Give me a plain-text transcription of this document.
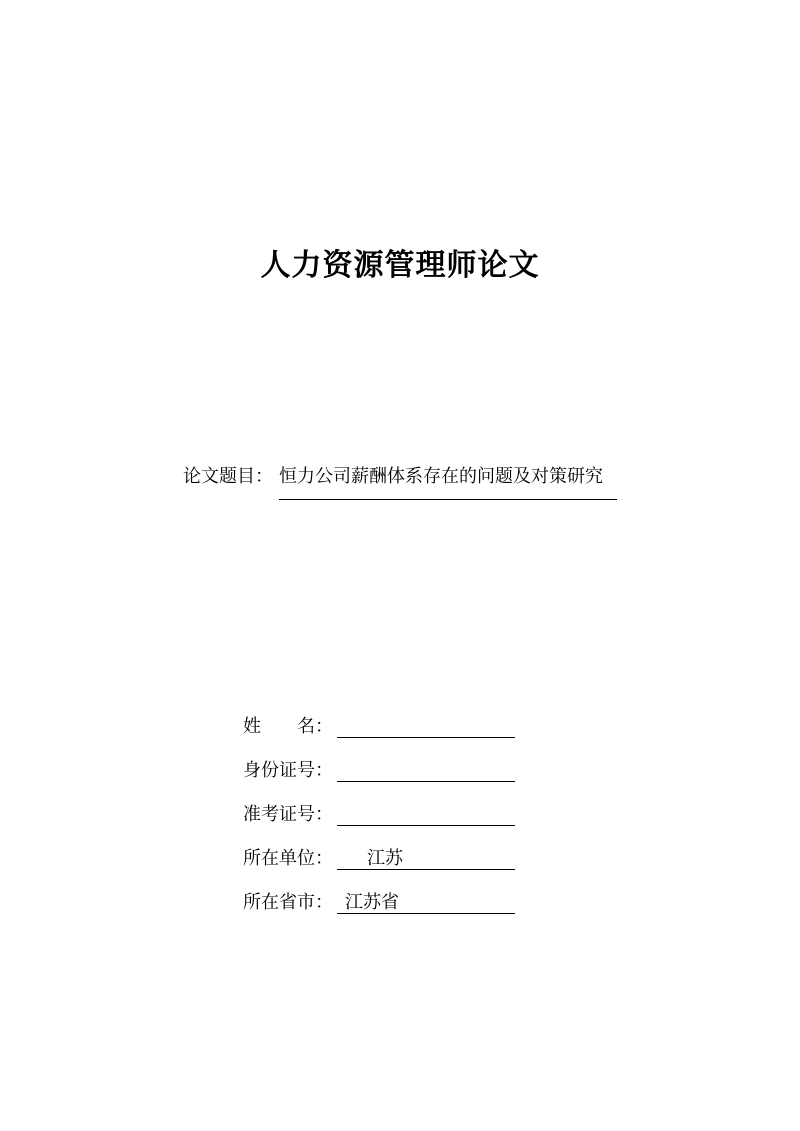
人力资源管理师论文
论文题目： 恒力公司薪酬体系存在的问题及对策研究
姓　　名：
身份证号：
准考证号：
所在单位：	江苏
所在省市： 江苏省
